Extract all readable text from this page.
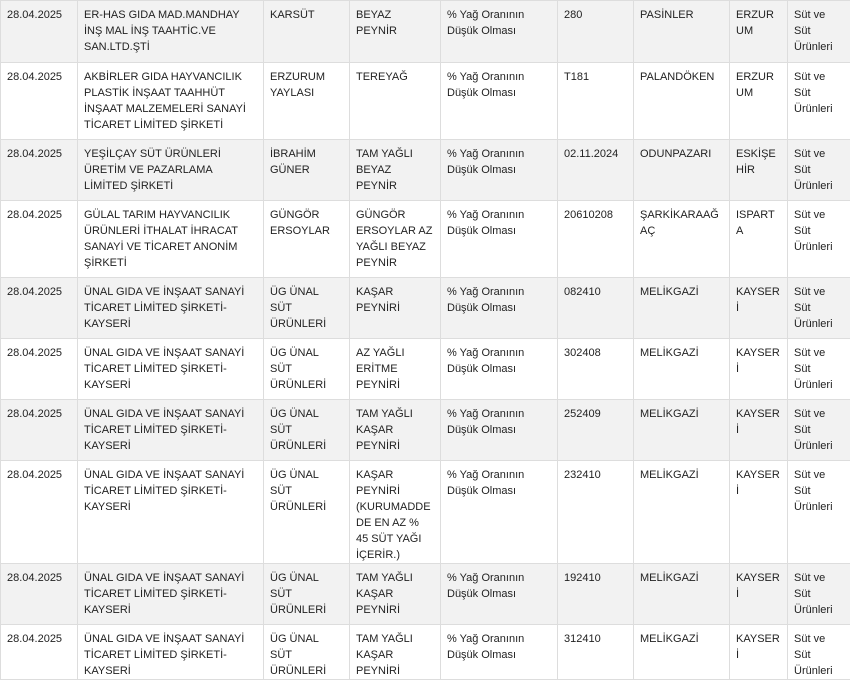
28.04.2025	ER-HAS GIDA MAD.MANDHAY İNŞ MAL İNŞ TAAHTİC.VE SAN.LTD.ŞTİ	KARSÜT	BEYAZ PEYNİR	% Yağ Oranının Düşük Olması	280	PASİNLER	ERZURUM	Süt ve Süt Ürünleri
28.04.2025	AKBİRLER GIDA HAYVANCILIK PLASTİK İNŞAAT TAAHHÜT İNŞAAT MALZEMELERİ SANAYİ TİCARET LİMİTED ŞİRKETİ	ERZURUM YAYLASI	TEREYAĞ	% Yağ Oranının Düşük Olması	T181	PALANDÖKEN	ERZURUM	Süt ve Süt Ürünleri
28.04.2025	YEŞİLÇAY SÜT ÜRÜNLERİ ÜRETİM VE PAZARLAMA LİMİTED ŞİRKETİ	İBRAHİM GÜNER	TAM YAĞLI BEYAZ PEYNİR	% Yağ Oranının Düşük Olması	02.11.2024	ODUNPAZARI	ESKİŞEHİR	Süt ve Süt Ürünleri
28.04.2025	GÜLAL TARIM HAYVANCILIK ÜRÜNLERİ İTHALAT İHRACAT SANAYİ VE TİCARET ANONİM ŞİRKETİ	GÜNGÖR ERSOYLAR	GÜNGÖR ERSOYLAR AZ YAĞLI BEYAZ PEYNİR	% Yağ Oranının Düşük Olması	20610208	ŞARKİKARAAĞAÇ	ISPARTA	Süt ve Süt Ürünleri
28.04.2025	ÜNAL GIDA VE İNŞAAT SANAYİ TİCARET LİMİTED ŞİRKETİ-KAYSERİ	ÜG ÜNAL SÜT ÜRÜNLERİ	KAŞAR PEYNİRİ	% Yağ Oranının Düşük Olması	082410	MELİKGAZİ	KAYSERİ	Süt ve Süt Ürünleri
28.04.2025	ÜNAL GIDA VE İNŞAAT SANAYİ TİCARET LİMİTED ŞİRKETİ-KAYSERİ	ÜG ÜNAL SÜT ÜRÜNLERİ	AZ YAĞLI ERİTME PEYNİRİ	% Yağ Oranının Düşük Olması	302408	MELİKGAZİ	KAYSERİ	Süt ve Süt Ürünleri
28.04.2025	ÜNAL GIDA VE İNŞAAT SANAYİ TİCARET LİMİTED ŞİRKETİ-KAYSERİ	ÜG ÜNAL SÜT ÜRÜNLERİ	TAM YAĞLI KAŞAR PEYNİRİ	% Yağ Oranının Düşük Olması	252409	MELİKGAZİ	KAYSERİ	Süt ve Süt Ürünleri
28.04.2025	ÜNAL GIDA VE İNŞAAT SANAYİ TİCARET LİMİTED ŞİRKETİ-KAYSERİ	ÜG ÜNAL SÜT ÜRÜNLERİ	KAŞAR PEYNİRİ (KURUMADDEDE EN AZ % 45 SÜT YAĞI İÇERİR.)	% Yağ Oranının Düşük Olması	232410	MELİKGAZİ	KAYSERİ	Süt ve Süt Ürünleri
28.04.2025	ÜNAL GIDA VE İNŞAAT SANAYİ TİCARET LİMİTED ŞİRKETİ-KAYSERİ	ÜG ÜNAL SÜT ÜRÜNLERİ	TAM YAĞLI KAŞAR PEYNİRİ	% Yağ Oranının Düşük Olması	192410	MELİKGAZİ	KAYSERİ	Süt ve Süt Ürünleri
28.04.2025	ÜNAL GIDA VE İNŞAAT SANAYİ TİCARET LİMİTED ŞİRKETİ-KAYSERİ	ÜG ÜNAL SÜT ÜRÜNLERİ	TAM YAĞLI KAŞAR PEYNİRİ	% Yağ Oranının Düşük Olması	312410	MELİKGAZİ	KAYSERİ	Süt ve Süt Ürünleri
